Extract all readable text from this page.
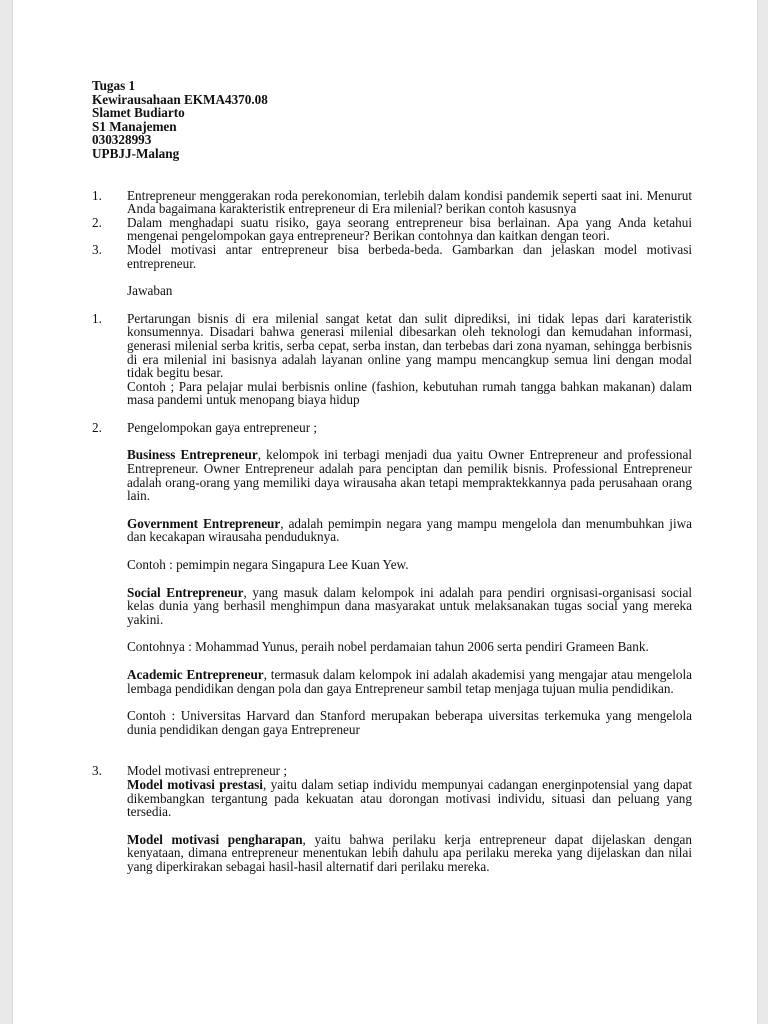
Tugas 1

Kewirausahaan EKMA4370.08

Slamet Budiarto

S1 Manajemen

030328993

UPBJJ-Malang

1.	Entrepreneur menggerakan roda perekonomian, terlebih dalam kondisi pandemik seperti saat ini. Menurut Anda bagaimana karakteristik entrepreneur di Era milenial? berikan contoh kasusnya
2.	Dalam menghadapi suatu risiko, gaya seorang entrepreneur bisa berlainan. Apa yang Anda ketahui mengenai pengelompokan gaya entrepreneur? Berikan contohnya dan kaitkan dengan teori.
3.	Model motivasi antar entrepreneur bisa berbeda-beda. Gambarkan dan jelaskan model motivasi entrepreneur.

Jawaban

1.	Pertarungan bisnis di era milenial sangat ketat dan sulit diprediksi, ini tidak lepas dari karateristik konsumennya. Disadari bahwa generasi milenial dibesarkan oleh teknologi dan kemudahan informasi, generasi milenial serba kritis, serba cepat, serba instan, dan terbebas dari zona nyaman, sehingga berbisnis di era milenial ini basisnya adalah layanan online yang mampu mencangkup semua lini dengan modal tidak begitu besar.

Contoh ; Para pelajar mulai berbisnis online (fashion, kebutuhan rumah tangga bahkan makanan) dalam masa pandemi untuk menopang biaya hidup

2.	Pengelompokan gaya entrepreneur ;

Business Entrepreneur, kelompok ini terbagi menjadi dua yaitu Owner Entrepreneur and professional Entrepreneur. Owner Entrepreneur adalah para penciptan dan pemilik bisnis. Professional Entrepreneur adalah orang-orang yang memiliki daya wirausaha akan tetapi mempraktekkannya pada perusahaan orang lain.

Government Entrepreneur, adalah pemimpin negara yang mampu mengelola dan menumbuhkan jiwa dan kecakapan wirausaha penduduknya.

Contoh : pemimpin negara Singapura Lee Kuan Yew.

Social Entrepreneur, yang masuk dalam kelompok ini adalah para pendiri orgnisasi-organisasi social kelas dunia yang berhasil menghimpun dana masyarakat untuk melaksanakan tugas social yang mereka yakini.

Contohnya : Mohammad Yunus, peraih nobel perdamaian tahun 2006 serta pendiri Grameen Bank.

Academic Entrepreneur, termasuk dalam kelompok ini adalah akademisi yang mengajar atau mengelola lembaga pendidikan dengan pola dan gaya Entrepreneur sambil tetap menjaga tujuan mulia pendidikan.

Contoh : Universitas Harvard dan Stanford merupakan beberapa uiversitas terkemuka yang mengelola dunia pendidikan dengan gaya Entrepreneur

3.	Model motivasi entrepreneur ;

Model motivasi prestasi, yaitu dalam setiap individu mempunyai cadangan energinpotensial yang dapat dikembangkan tergantung pada kekuatan atau dorongan motivasi individu, situasi dan peluang yang tersedia.

Model motivasi pengharapan, yaitu bahwa perilaku kerja entrepreneur dapat dijelaskan dengan kenyataan, dimana entrepreneur menentukan lebih dahulu apa perilaku mereka yang dijelaskan dan nilai yang diperkirakan sebagai hasil-hasil alternatif dari perilaku mereka.
